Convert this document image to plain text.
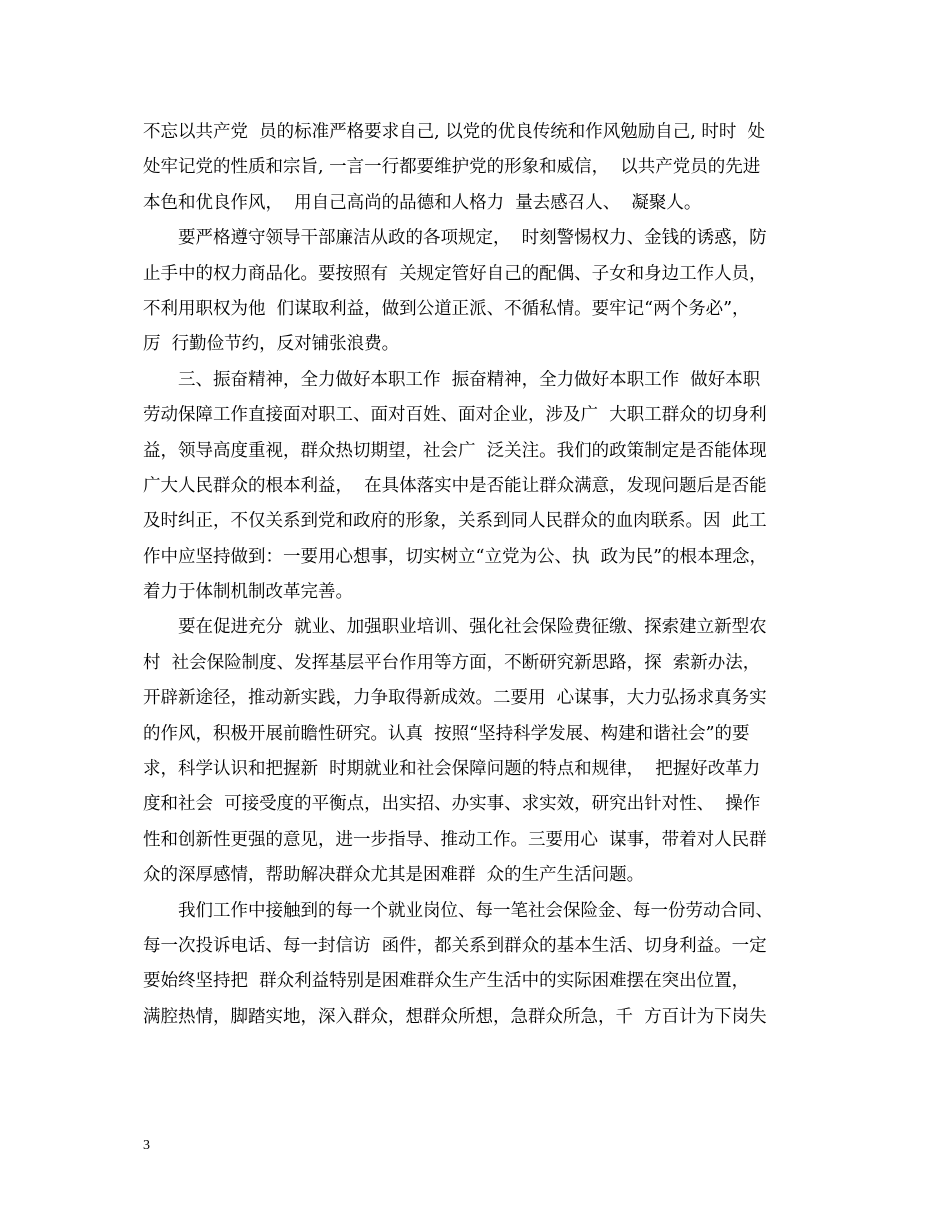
不忘以共产党  员的标准严格要求自己, 以党的优良传统和作风勉励自己, 时时  处
处牢记党的性质和宗旨, 一言一行都要维护党的形象和威信，  以共产党员的先进
本色和优良作风，  用自己高尚的品德和人格力  量去感召人、  凝聚人。
要严格遵守领导干部廉洁从政的各项规定，  时刻警惕权力、金钱的诱惑，防
止手中的权力商品化。要按照有  关规定管好自己的配偶、子女和身边工作人员，
不利用职权为他  们谋取利益，做到公道正派、不循私情。要牢记“两个务必”，
厉  行勤俭节约，反对铺张浪费。
三、振奋精神，全力做好本职工作  振奋精神，全力做好本职工作  做好本职
劳动保障工作直接面对职工、面对百姓、面对企业，涉及广  大职工群众的切身利
益，领导高度重视，群众热切期望，社会广  泛关注。我们的政策制定是否能体现
广大人民群众的根本利益，  在具体落实中是否能让群众满意，发现问题后是否能
及时纠正，不仅关系到党和政府的形象，关系到同人民群众的血肉联系。因  此工
作中应坚持做到：一要用心想事，切实树立“立党为公、执  政为民”的根本理念，
着力于体制机制改革完善。
要在促进充分  就业、加强职业培训、强化社会保险费征缴、探索建立新型农
村  社会保险制度、发挥基层平台作用等方面，不断研究新思路，探  索新办法，
开辟新途径，推动新实践，力争取得新成效。二要用  心谋事，大力弘扬求真务实
的作风，积极开展前瞻性研究。认真  按照“坚持科学发展、构建和谐社会”的要
求，科学认识和把握新  时期就业和社会保障问题的特点和规律，  把握好改革力
度和社会  可接受度的平衡点，出实招、办实事、求实效，研究出针对性、  操作
性和创新性更强的意见，进一步指导、推动工作。三要用心  谋事，带着对人民群
众的深厚感情，帮助解决群众尤其是困难群  众的生产生活问题。
我们工作中接触到的每一个就业岗位、每一笔社会保险金、每一份劳动合同、
每一次投诉电话、每一封信访  函件，都关系到群众的基本生活、切身利益。一定
要始终坚持把  群众利益特别是困难群众生产生活中的实际困难摆在突出位置，
满腔热情，脚踏实地，深入群众，想群众所想，急群众所急，千  方百计为下岗失
3
